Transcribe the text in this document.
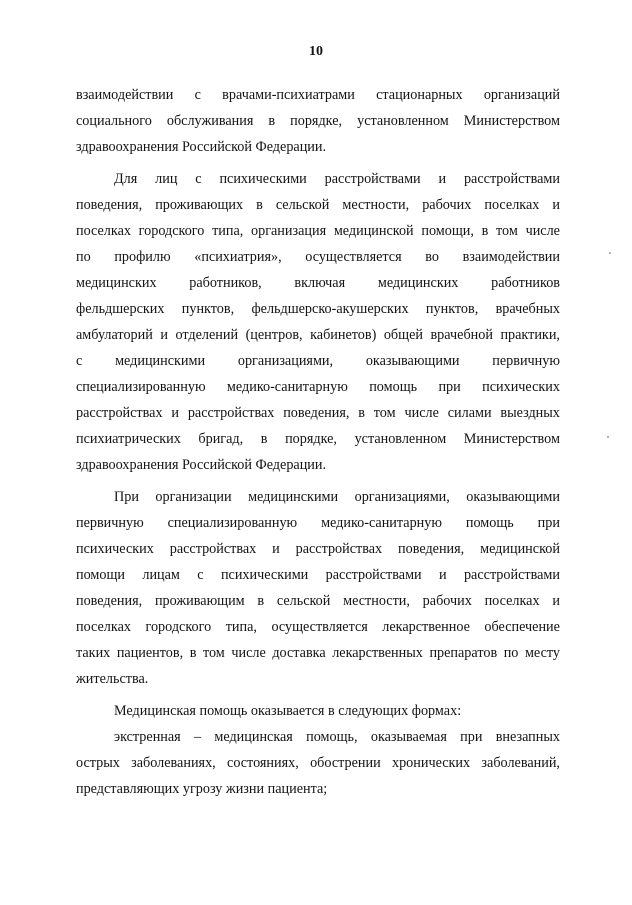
10
взаимодействии с врачами-психиатрами стационарных организаций
социального обслуживания в порядке, установленном Министерством
здравоохранения Российской Федерации.
Для лиц с психическими расстройствами и расстройствами
поведения, проживающих в сельской местности, рабочих поселках и
поселках городского типа, организация медицинской помощи, в том числе
по профилю «психиатрия», осуществляется во взаимодействии
медицинских работников, включая медицинских работников
фельдшерских пунктов, фельдшерско-акушерских пунктов, врачебных
амбулаторий и отделений (центров, кабинетов) общей врачебной практики,
с медицинскими организациями, оказывающими первичную
специализированную медико-санитарную помощь при психических
расстройствах и расстройствах поведения, в том числе силами выездных
психиатрических бригад, в порядке, установленном Министерством
здравоохранения Российской Федерации.
При организации медицинскими организациями, оказывающими
первичную специализированную медико-санитарную помощь при
психических расстройствах и расстройствах поведения, медицинской
помощи лицам с психическими расстройствами и расстройствами
поведения, проживающим в сельской местности, рабочих поселках и
поселках городского типа, осуществляется лекарственное обеспечение
таких пациентов, в том числе доставка лекарственных препаратов по месту
жительства.
Медицинская помощь оказывается в следующих формах:
экстренная – медицинская помощь, оказываемая при внезапных
острых заболеваниях, состояниях, обострении хронических заболеваний,
представляющих угрозу жизни пациента;
